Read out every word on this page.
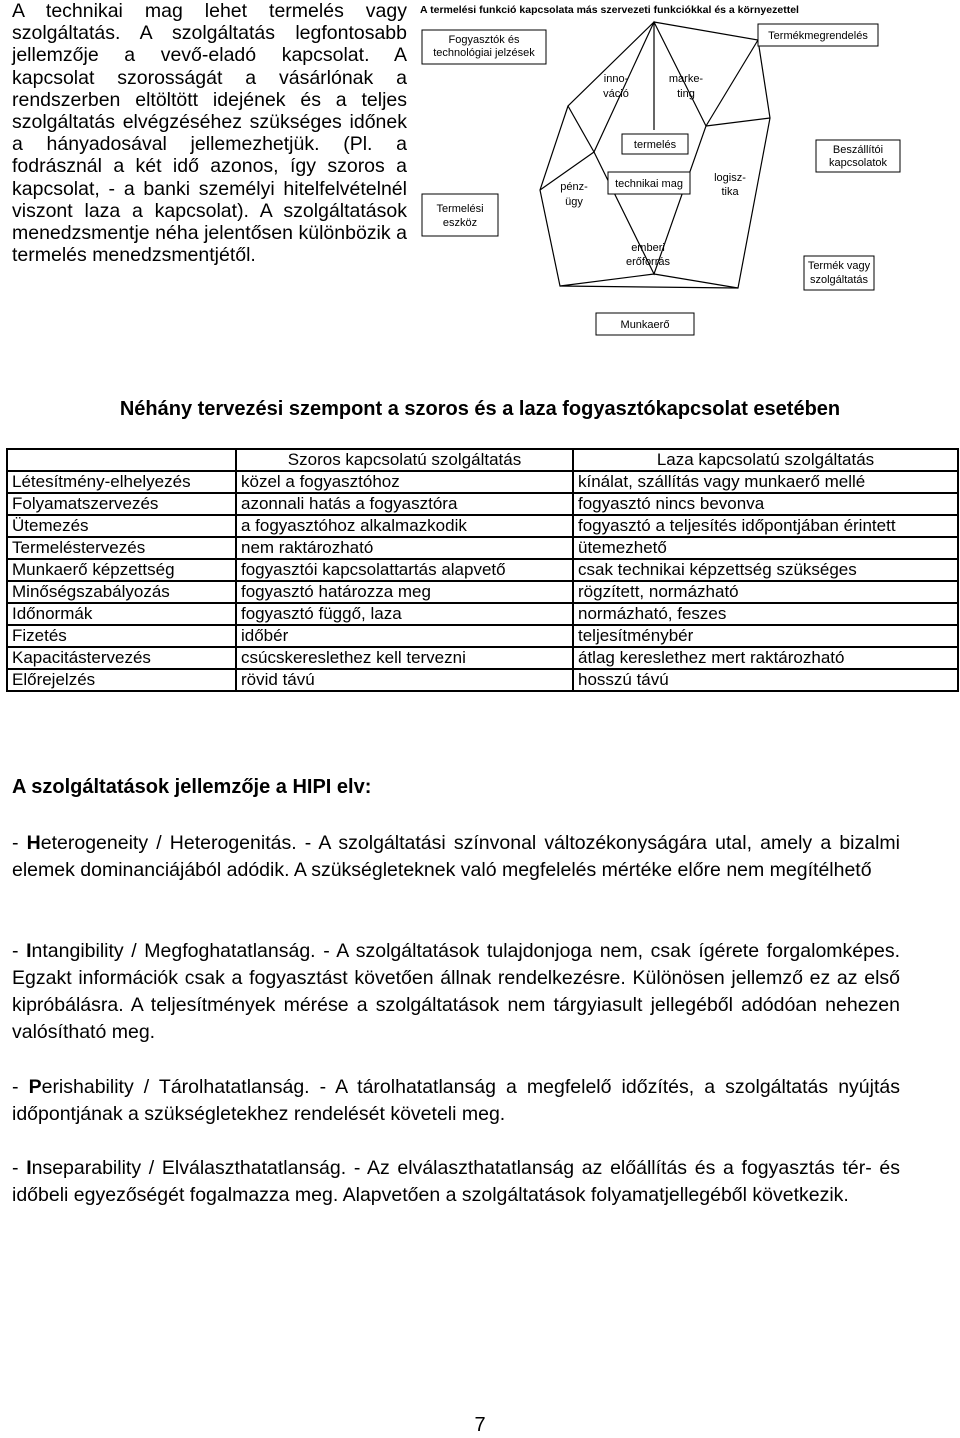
A technikai mag lehet termelés vagy szolgáltatás. A szolgáltatás legfontosabb jellemzője a vevő-eladó kapcsolat. A kapcsolat szorosságát a vásárlónak a rendszerben eltöltött idejének és a teljes szolgáltatás elvégzéséhez szükséges időnek a hányadosával jellemezhetjük. (Pl. a fodrásznál a két idő azonos, így szoros a kapcsolat, - a banki személyi hitelfelvételnél viszont laza a kapcsolat). A szolgáltatások menedzsmentje néha jelentősen különbözik a termelés menedzsmentjétől.

A termelési funkció kapcsolata más szervezeti funkciókkal és a környezettel
Fogyasztók és
technológiai jelzések
Termelési
eszköz
Termékmegrendelés
Beszállítói
kapcsolatok
Termék vagy
szolgáltatás
Munkaerő
termelés
technikai mag
inno-
váció
marke-
ting
pénz-
ügy
logisz-
tika
emberi
erőforrás

Néhány tervezési szempont a szoros és a laza fogyasztókapcsolat esetében

	Szoros kapcsolatú szolgáltatás	Laza kapcsolatú szolgáltatás
Létesítmény-elhelyezés	közel a fogyasztóhoz	kínálat, szállítás vagy munkaerő mellé
Folyamatszervezés	azonnali hatás a fogyasztóra	fogyasztó nincs bevonva
Ütemezés	a fogyasztóhoz alkalmazkodik	fogyasztó a teljesítés időpontjában érintett
Termeléstervezés	nem raktározható	ütemezhető
Munkaerő képzettség	fogyasztói kapcsolattartás alapvető	csak technikai képzettség szükséges
Minőségszabályozás	fogyasztó határozza meg	rögzített, normázható
Időnormák	fogyasztó függő, laza	normázható, feszes
Fizetés	időbér	teljesítménybér
Kapacitástervezés	csúcskereslethez kell tervezni	átlag kereslethez mert raktározható
Előrejelzés	rövid távú	hosszú távú

A szolgáltatások jellemzője a HIPI elv:

- Heterogeneity / Heterogenitás. - A szolgáltatási színvonal változékonyságára utal, amely a bizalmi elemek dominanciájából adódik. A szükségleteknek való megfelelés mértéke előre nem megítélhető

- Intangibility / Megfoghatatlanság. - A szolgáltatások tulajdonjoga nem, csak ígérete forgalomképes. Egzakt információk csak a fogyasztást követően állnak rendelkezésre. Különösen jellemző ez az első kipróbálásra. A teljesítmények mérése a szolgáltatások nem tárgyiasult jellegéből adódóan nehezen valósítható meg.

- Perishability / Tárolhatatlanság. - A tárolhatatlanság a megfelelő időzítés, a szolgáltatás nyújtás időpontjának a szükségletekhez rendelését követeli meg.

- Inseparability / Elválaszthatatlanság. - Az elválaszthatatlanság az előállítás és a fogyasztás tér- és időbeli egyezőségét fogalmazza meg. Alapvetően a szolgáltatások folyamatjellegéből következik.

7
